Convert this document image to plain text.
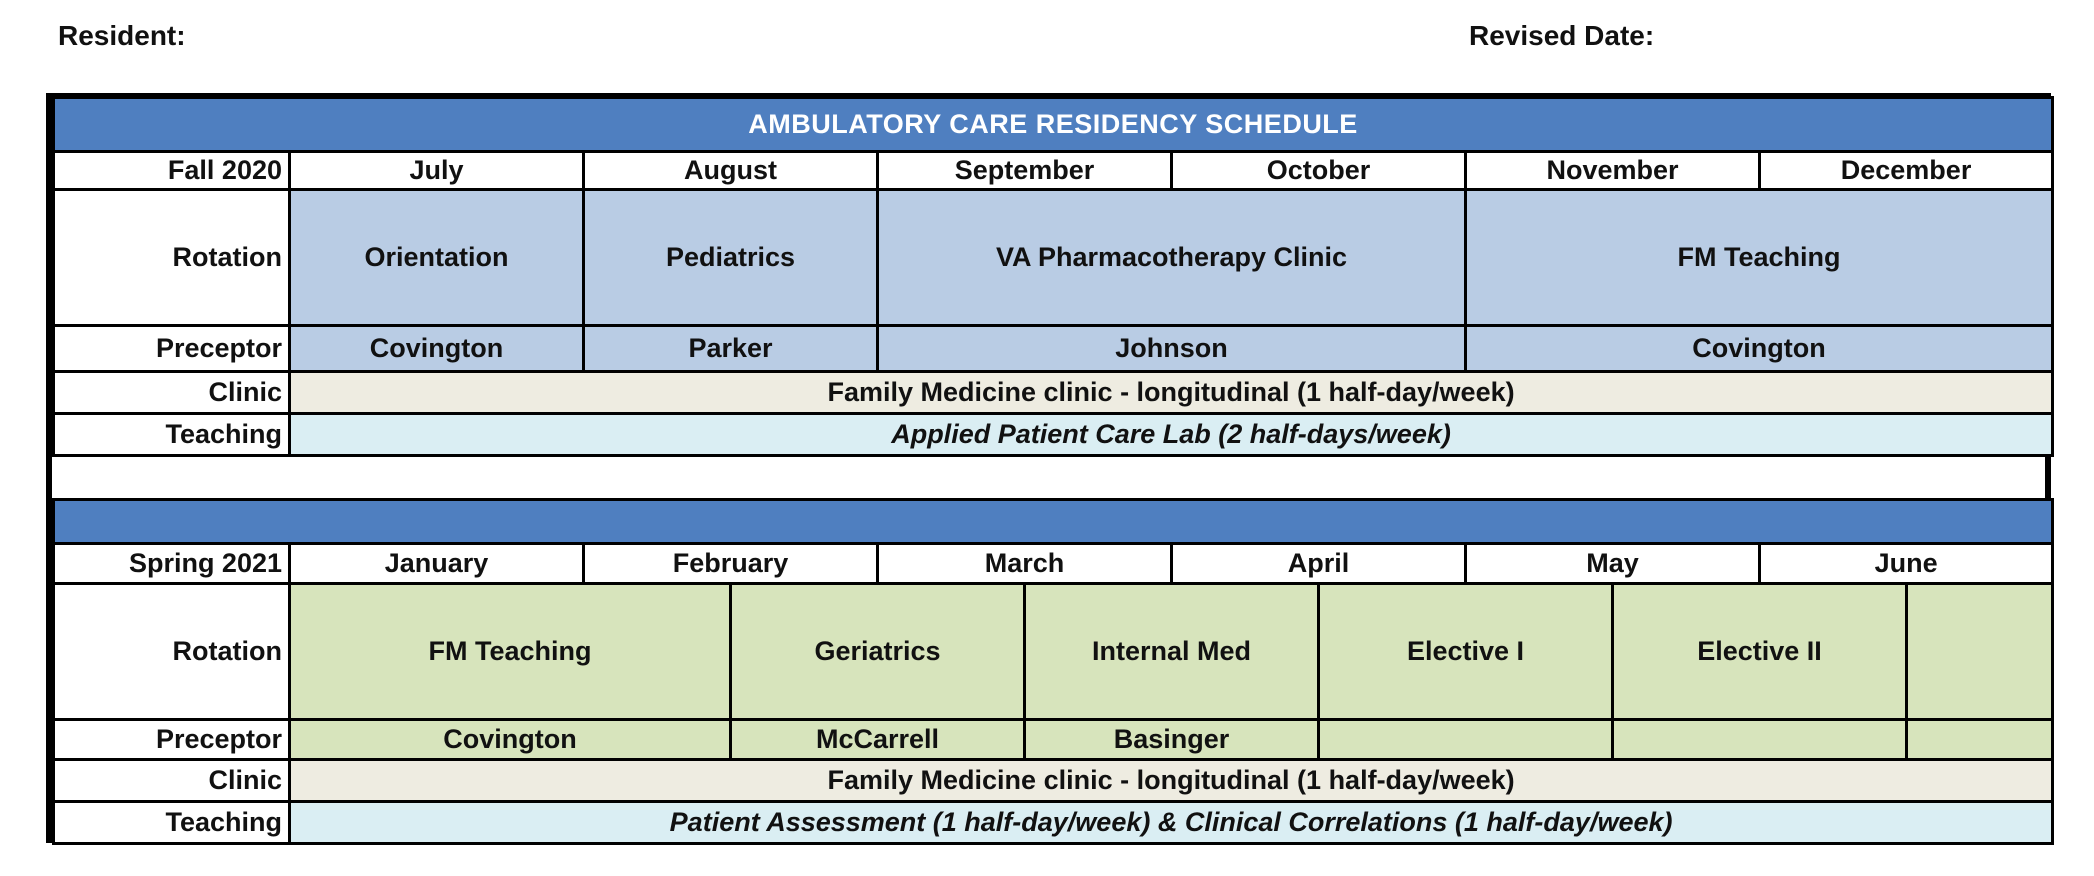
Resident:	Revised Date:
AMBULATORY CARE RESIDENCY SCHEDULE						
Fall 2020	July	August	September	October	November	December
Rotation	Orientation	Pediatrics	VA Pharmacotherapy Clinic		FM Teaching	
Preceptor	Covington	Parker	Johnson		Covington	
Clinic	Family Medicine clinic - longitudinal (1 half-day/week)					
Teaching	Applied Patient Care Lab (2 half-days/week)					

Spring 2021	January	February		March		April		May		June	
Rotation	FM Teaching		Geriatrics		Internal Med		Elective I		Elective II		
Preceptor	Covington		McCarrell		Basinger						
Clinic	Family Medicine clinic - longitudinal (1 half-day/week)										
Teaching	Patient Assessment (1 half-day/week) & Clinical Correlations (1 half-day/week)										
